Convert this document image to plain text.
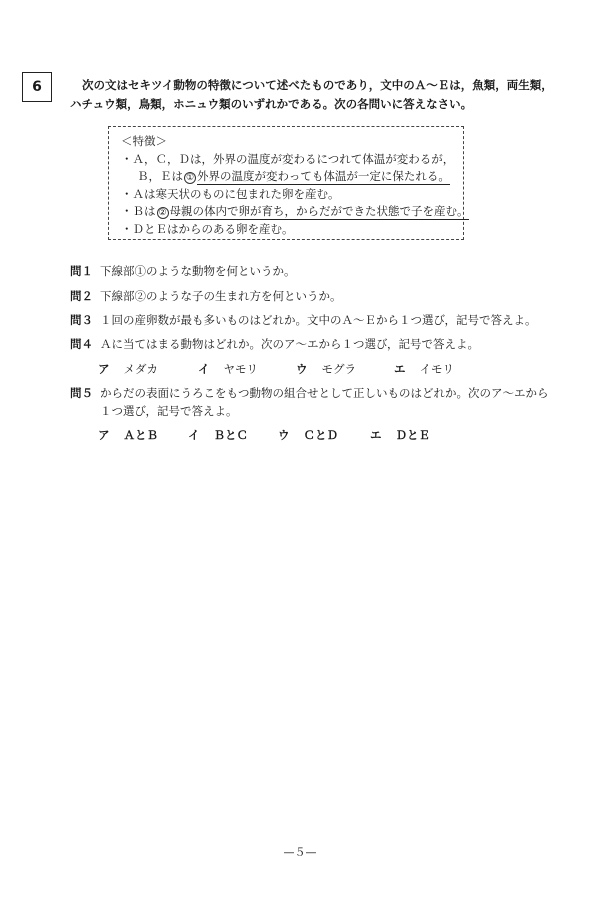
6	次の文はセキツイ動物の特徴について述べたものであり，文中のＡ～Ｅは，魚類，両生類，
ハチュウ類，鳥類，ホニュウ類のいずれかである。次の各問いに答えなさい。
＜特徴＞
・Ａ，Ｃ，Ｄは，外界の温度が変わるにつれて体温が変わるが，
Ｂ，Ｅは ① 外界の温度が変わっても体温が一定に保たれる。
・Ａは寒天状のものに包まれた卵を産む。
・Ｂは ② 母親の体内で卵が育ち，からだができた状態で子を産む。
・ＤとＥはからのある卵を産む。
問１ 下線部①のような動物を何というか。
問２ 下線部②のような子の生まれ方を何というか。
問３ １回の産卵数が最も多いものはどれか。文中のＡ～Ｅから１つ選び，記号で答えよ。
問４ Ａに当てはまる動物はどれか。次のア～エから１つ選び，記号で答えよ。
ア メダカ	イ ヤモリ	ウ モグラ	エ イモリ
問５ からだの表面にうろこをもつ動物の組合せとして正しいものはどれか。次のア～エから
１つ選び，記号で答えよ。
ア ＡとＢ	イ ＢとＣ	ウ ＣとＤ	エ ＤとＥ
—５—
